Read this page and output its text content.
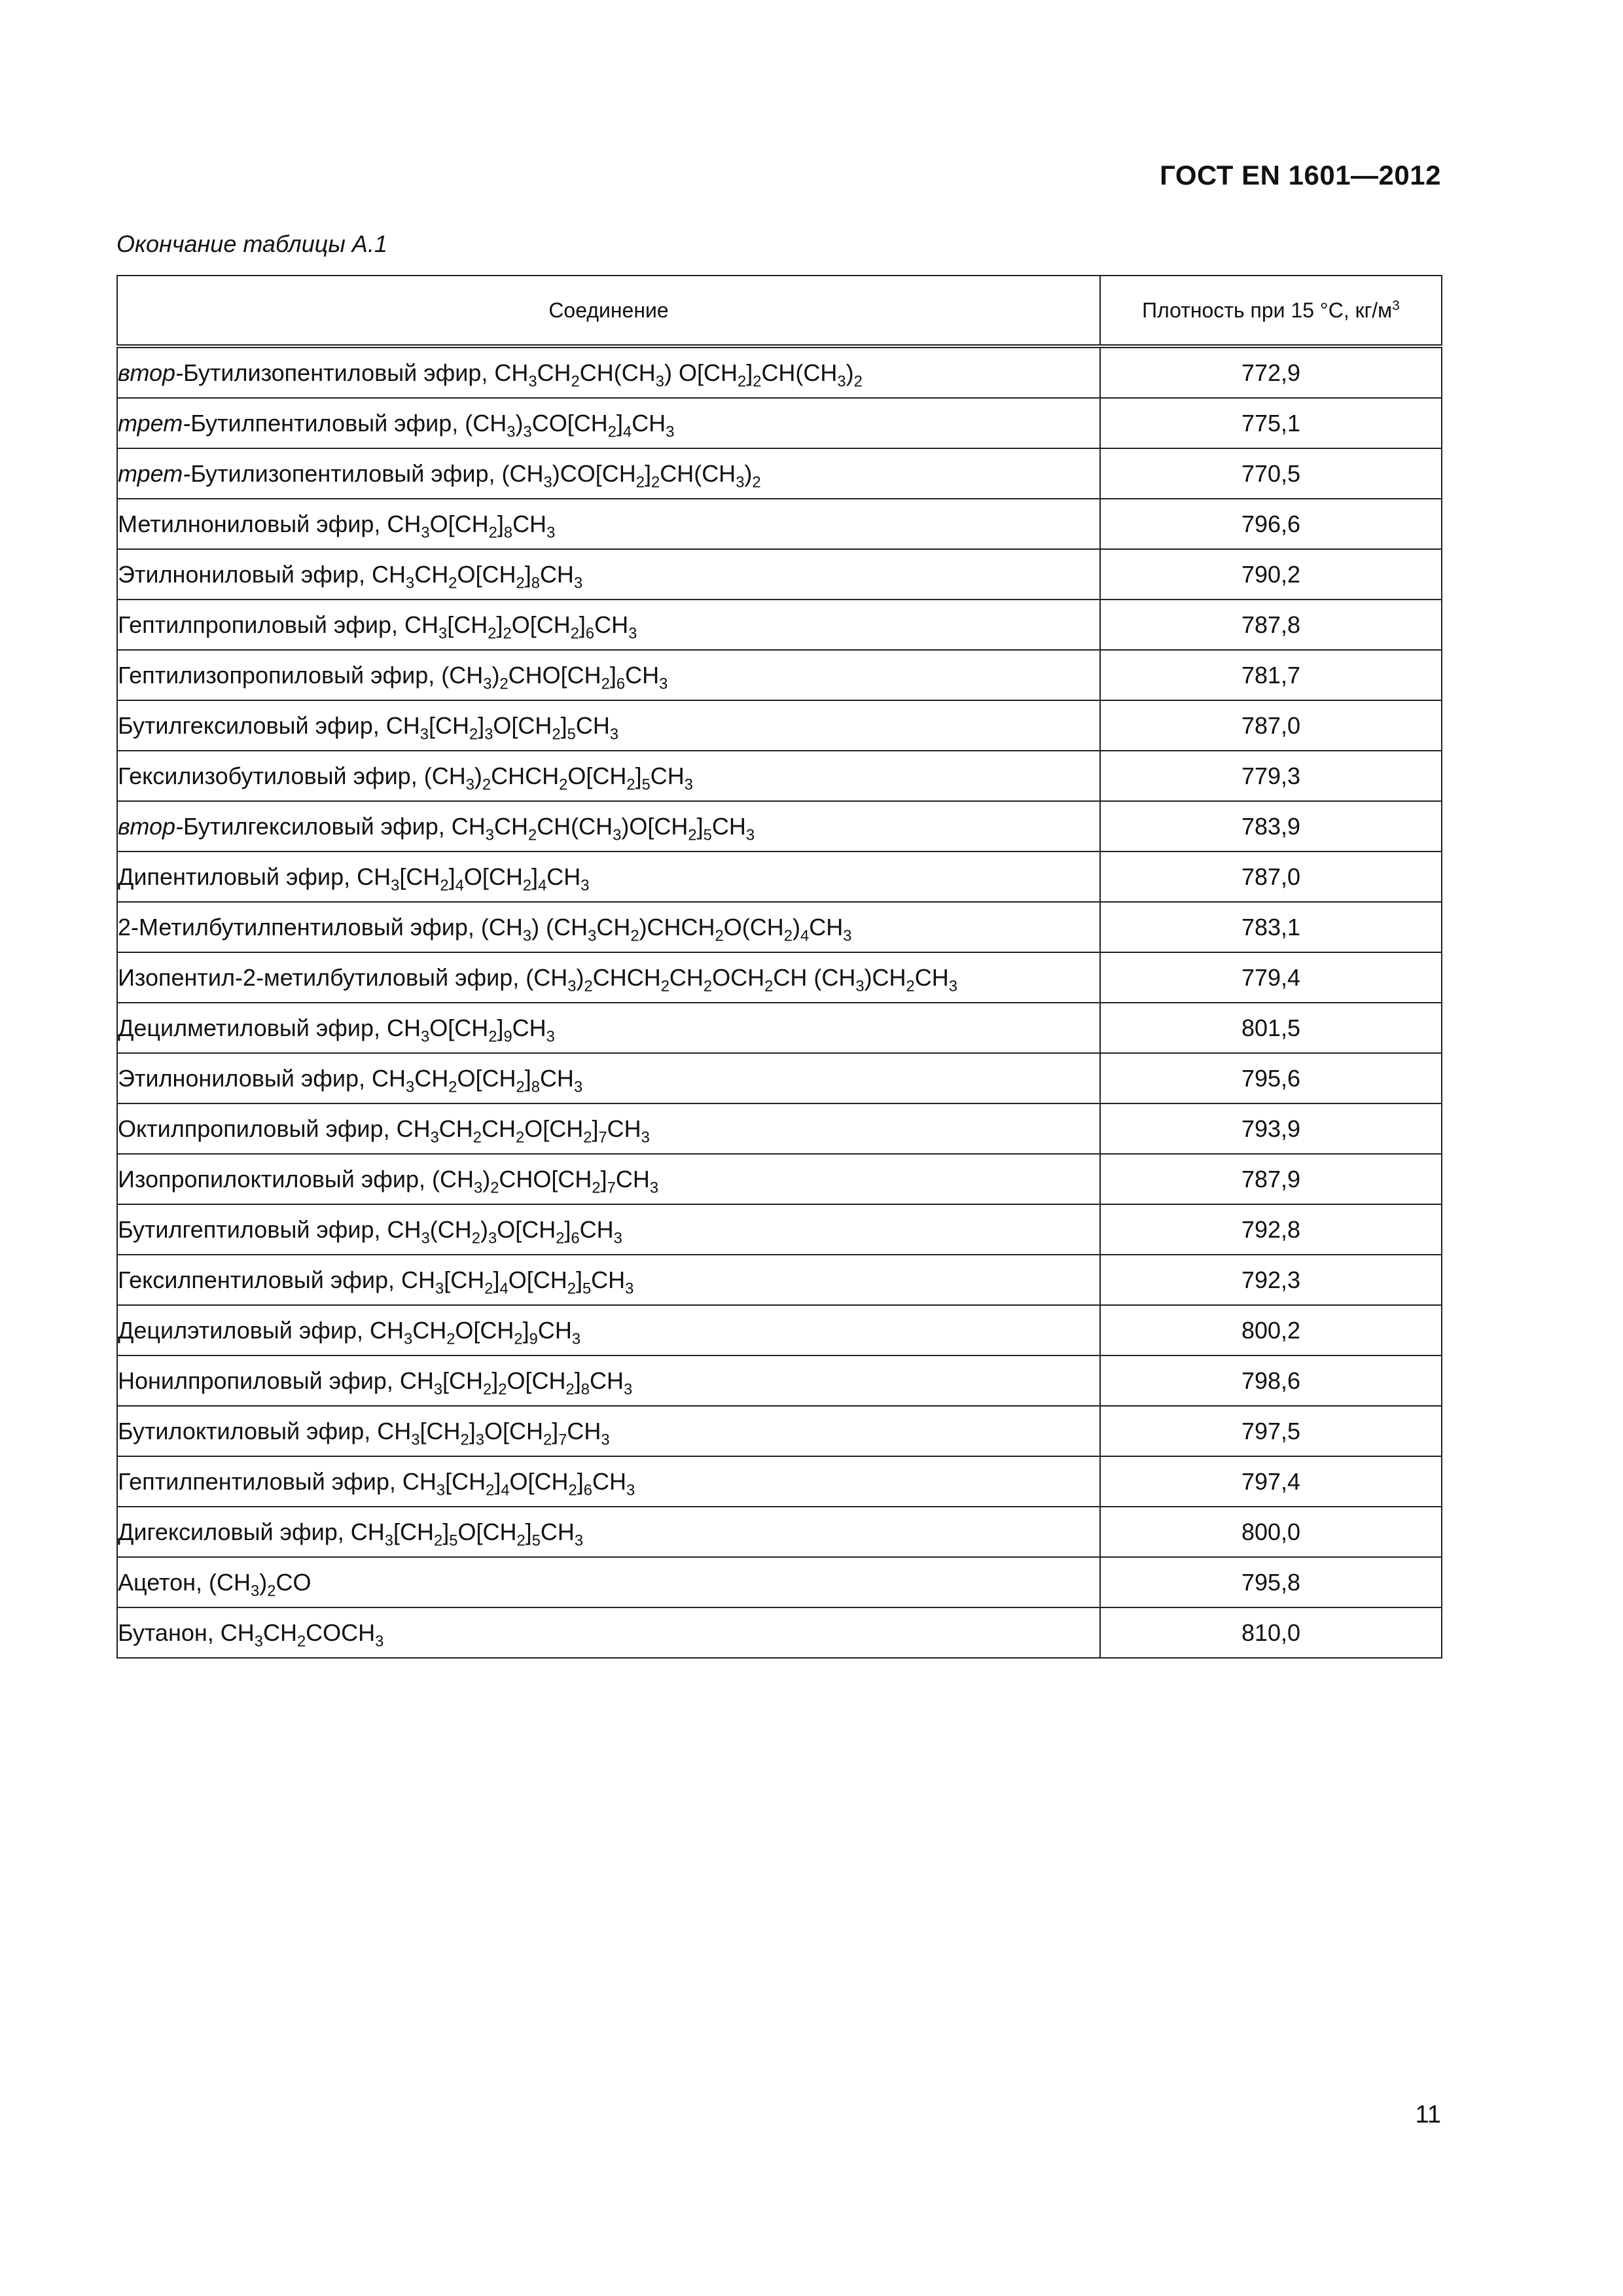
ГОСТ EN 1601—2012
Окончание таблицы А.1
Соединение	Плотность при 15 °С, $кг/м^3$
втор-Бутилизопентиловый эфир, $CH_3CH_2CH(CH_3)$ $O[CH_2]_2CH(CH_3)_2$	772,9
трет-Бутилпентиловый эфир, $(CH_3)_3CO[CH_2]_4CH_3$	775,1
трет-Бутилизопентиловый эфир, $(CH_3)CO[CH_2]_2CH(CH_3)_2$	770,5
Метилнониловый эфир, $CH_3O[CH_2]_8CH_3$	796,6
Этилнониловый эфир, $CH_3CH_2O[CH_2]_8CH_3$	790,2
Гептилпропиловый эфир, $CH_3[CH_2]_2O[CH_2]_6CH_3$	787,8
Гептилизопропиловый эфир, $(CH_3)_2CHO[CH_2]_6CH_3$	781,7
Бутилгексиловый эфир, $CH_3[CH_2]_3O[CH_2]_5CH_3$	787,0
Гексилизобутиловый эфир, $(CH_3)_2CHCH_2O[CH_2]_5CH_3$	779,3
втор-Бутилгексиловый эфир, $CH_3CH_2CH(CH_3)O[CH_2]_5CH_3$	783,9
Дипентиловый эфир, $CH_3[CH_2]_4O[CH_2]_4CH_3$	787,0
2-Метилбутилпентиловый эфир, $(CH_3)$ $(CH_3CH_2)CHCH_2O(CH_2)_4CH_3$	783,1
Изопентил-2-метилбутиловый эфир, $(CH_3)_2CHCH_2CH_2OCH_2CH$ $(CH_3)CH_2CH_3$	779,4
Децилметиловый эфир, $CH_3O[CH_2]_9CH_3$	801,5
Этилнониловый эфир, $CH_3CH_2O[CH_2]_8CH_3$	795,6
Октилпропиловый эфир, $CH_3CH_2CH_2O[CH_2]_7CH_3$	793,9
Изопропилоктиловый эфир, $(CH_3)_2CHO[CH_2]_7CH_3$	787,9
Бутилгептиловый эфир, $CH_3(CH_2)_3O[CH_2]_6CH_3$	792,8
Гексилпентиловый эфир, $CH_3[CH_2]_4O[CH_2]_5CH_3$	792,3
Децилэтиловый эфир, $CH_3CH_2O[CH_2]_9CH_3$	800,2
Нонилпропиловый эфир, $CH_3[CH_2]_2O[CH_2]_8CH_3$	798,6
Бутилоктиловый эфир, $CH_3[CH_2]_3O[CH_2]_7CH_3$	797,5
Гептилпентиловый эфир, $CH_3[CH_2]_4O[CH_2]_6CH_3$	797,4
Дигексиловый эфир, $CH_3[CH_2]_5O[CH_2]_5CH_3$	800,0
Ацетон, $(CH_3)_2CO$	795,8
Бутанон, $CH_3CH_2COCH_3$	810,0
11
